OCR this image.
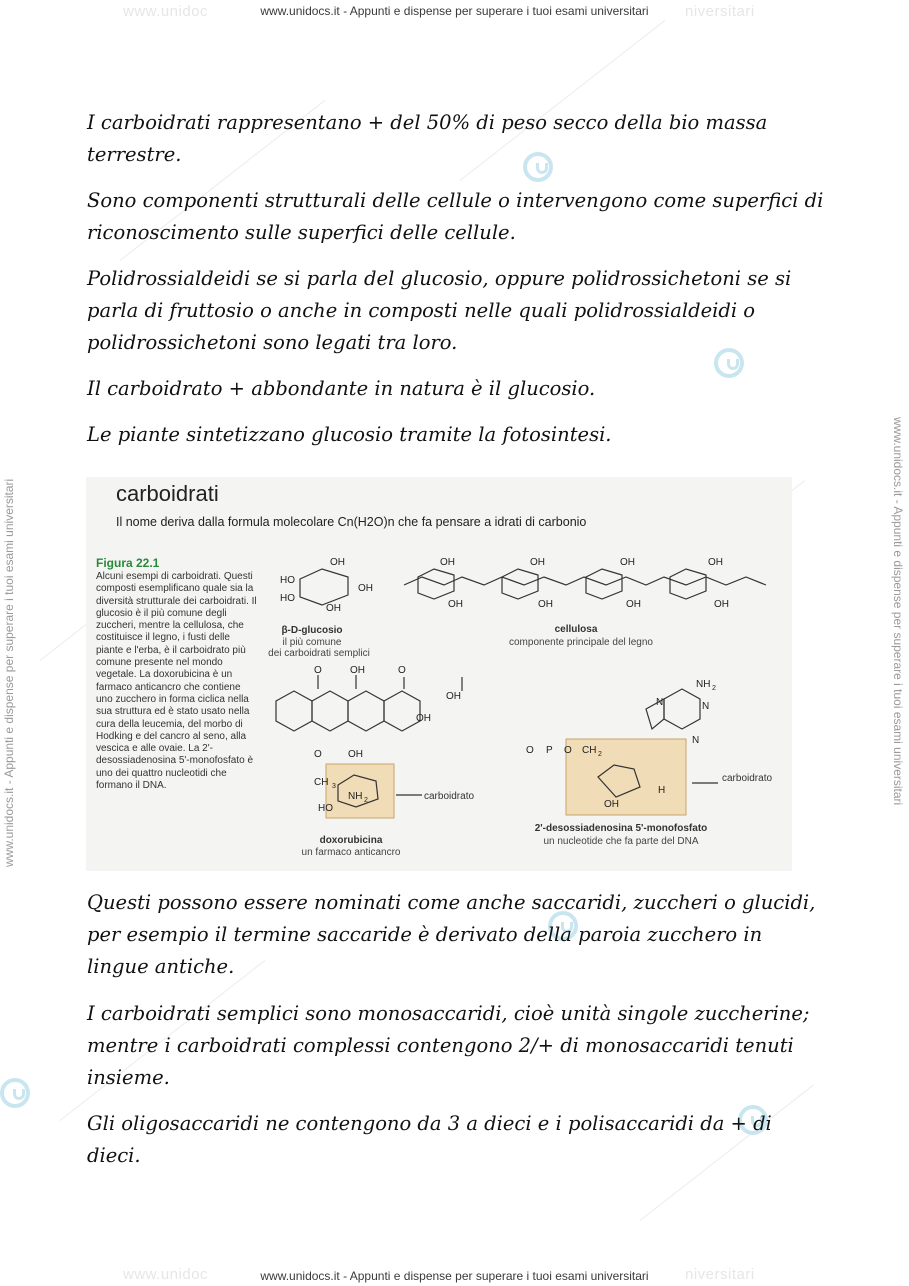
www.unidoc	niversitari
www.unidoc	niversitari
www.unidocs.it - Appunti e dispense per superare i tuoi esami universitari
www.unidocs.it - Appunti e dispense per superare i tuoi esami universitari
www.unidocs.it - Appunti e dispense per superare i tuoi esami universitari	www.unidocs.it - Appunti e dispense per superare i tuoi esami universitari

I carboidrati rappresentano + del 50% di peso secco della bio massa terrestre.

Sono componenti strutturali delle cellule o intervengono come superfici di riconoscimento sulle superfici delle cellule.

Polidrossialdeidi se si parla del glucosio, oppure polidrossichetoni se si parla di fruttosio o anche in composti nelle quali polidrossialdeidi o polidrossichetoni sono legati tra loro.

Il carboidrato + abbondante in natura è il glucosio.

Le piante sintetizzano glucosio tramite la fotosintesi.

carboidrati
Il nome deriva dalla formula molecolare Cn(H2O)n che fa pensare a idrati di carbonio
Figura 22.1

Alcuni esempi di carboidrati. Questi composti esemplificano quale sia la diversità strutturale dei carboidrati. Il glucosio è il più comune degli zuccheri, mentre la cellulosa, che costituisce il legno, i fusti delle piante e l'erba, è il carboidrato più comune presente nel mondo vegetale. La doxorubicina è un farmaco anticancro che contiene uno zucchero in forma ciclica nella sua struttura ed è stato usato nella cura della leucemia, del morbo di Hodking e del cancro al seno, alla vescica e alle ovaie. La 2'-desossiadenosina 5'-monofosfato è uno dei quattro nucleotidi che formano il DNA.

OH
HO
HO
OH
OH
OH	OH	OH	OH
OH	OH	OH	OH
O	OH	O
OH
OH
O	OH
CH 3
NH 2
HO
NH 2
N	N
N
O P O CH 2
OH
H
carboidrato
carboidrato
β-D-glucosio
il più comune
dei carboidrati semplici
cellulosa
componente principale del legno
doxorubicina
un farmaco anticancro
2'-desossiadenosina 5'-monofosfato
un nucleotide che fa parte del DNA

Questi possono essere nominati come anche saccaridi, zuccheri o glucidi, per esempio il termine saccaride è derivato della paroia zucchero in lingue antiche.

I carboidrati semplici sono monosaccaridi, cioè unità singole zuccherine; mentre i carboidrati complessi contengono 2/+ di monosaccaridi tenuti insieme.

Gli oligosaccaridi ne contengono da 3 a dieci e i polisaccaridi da + di dieci.
